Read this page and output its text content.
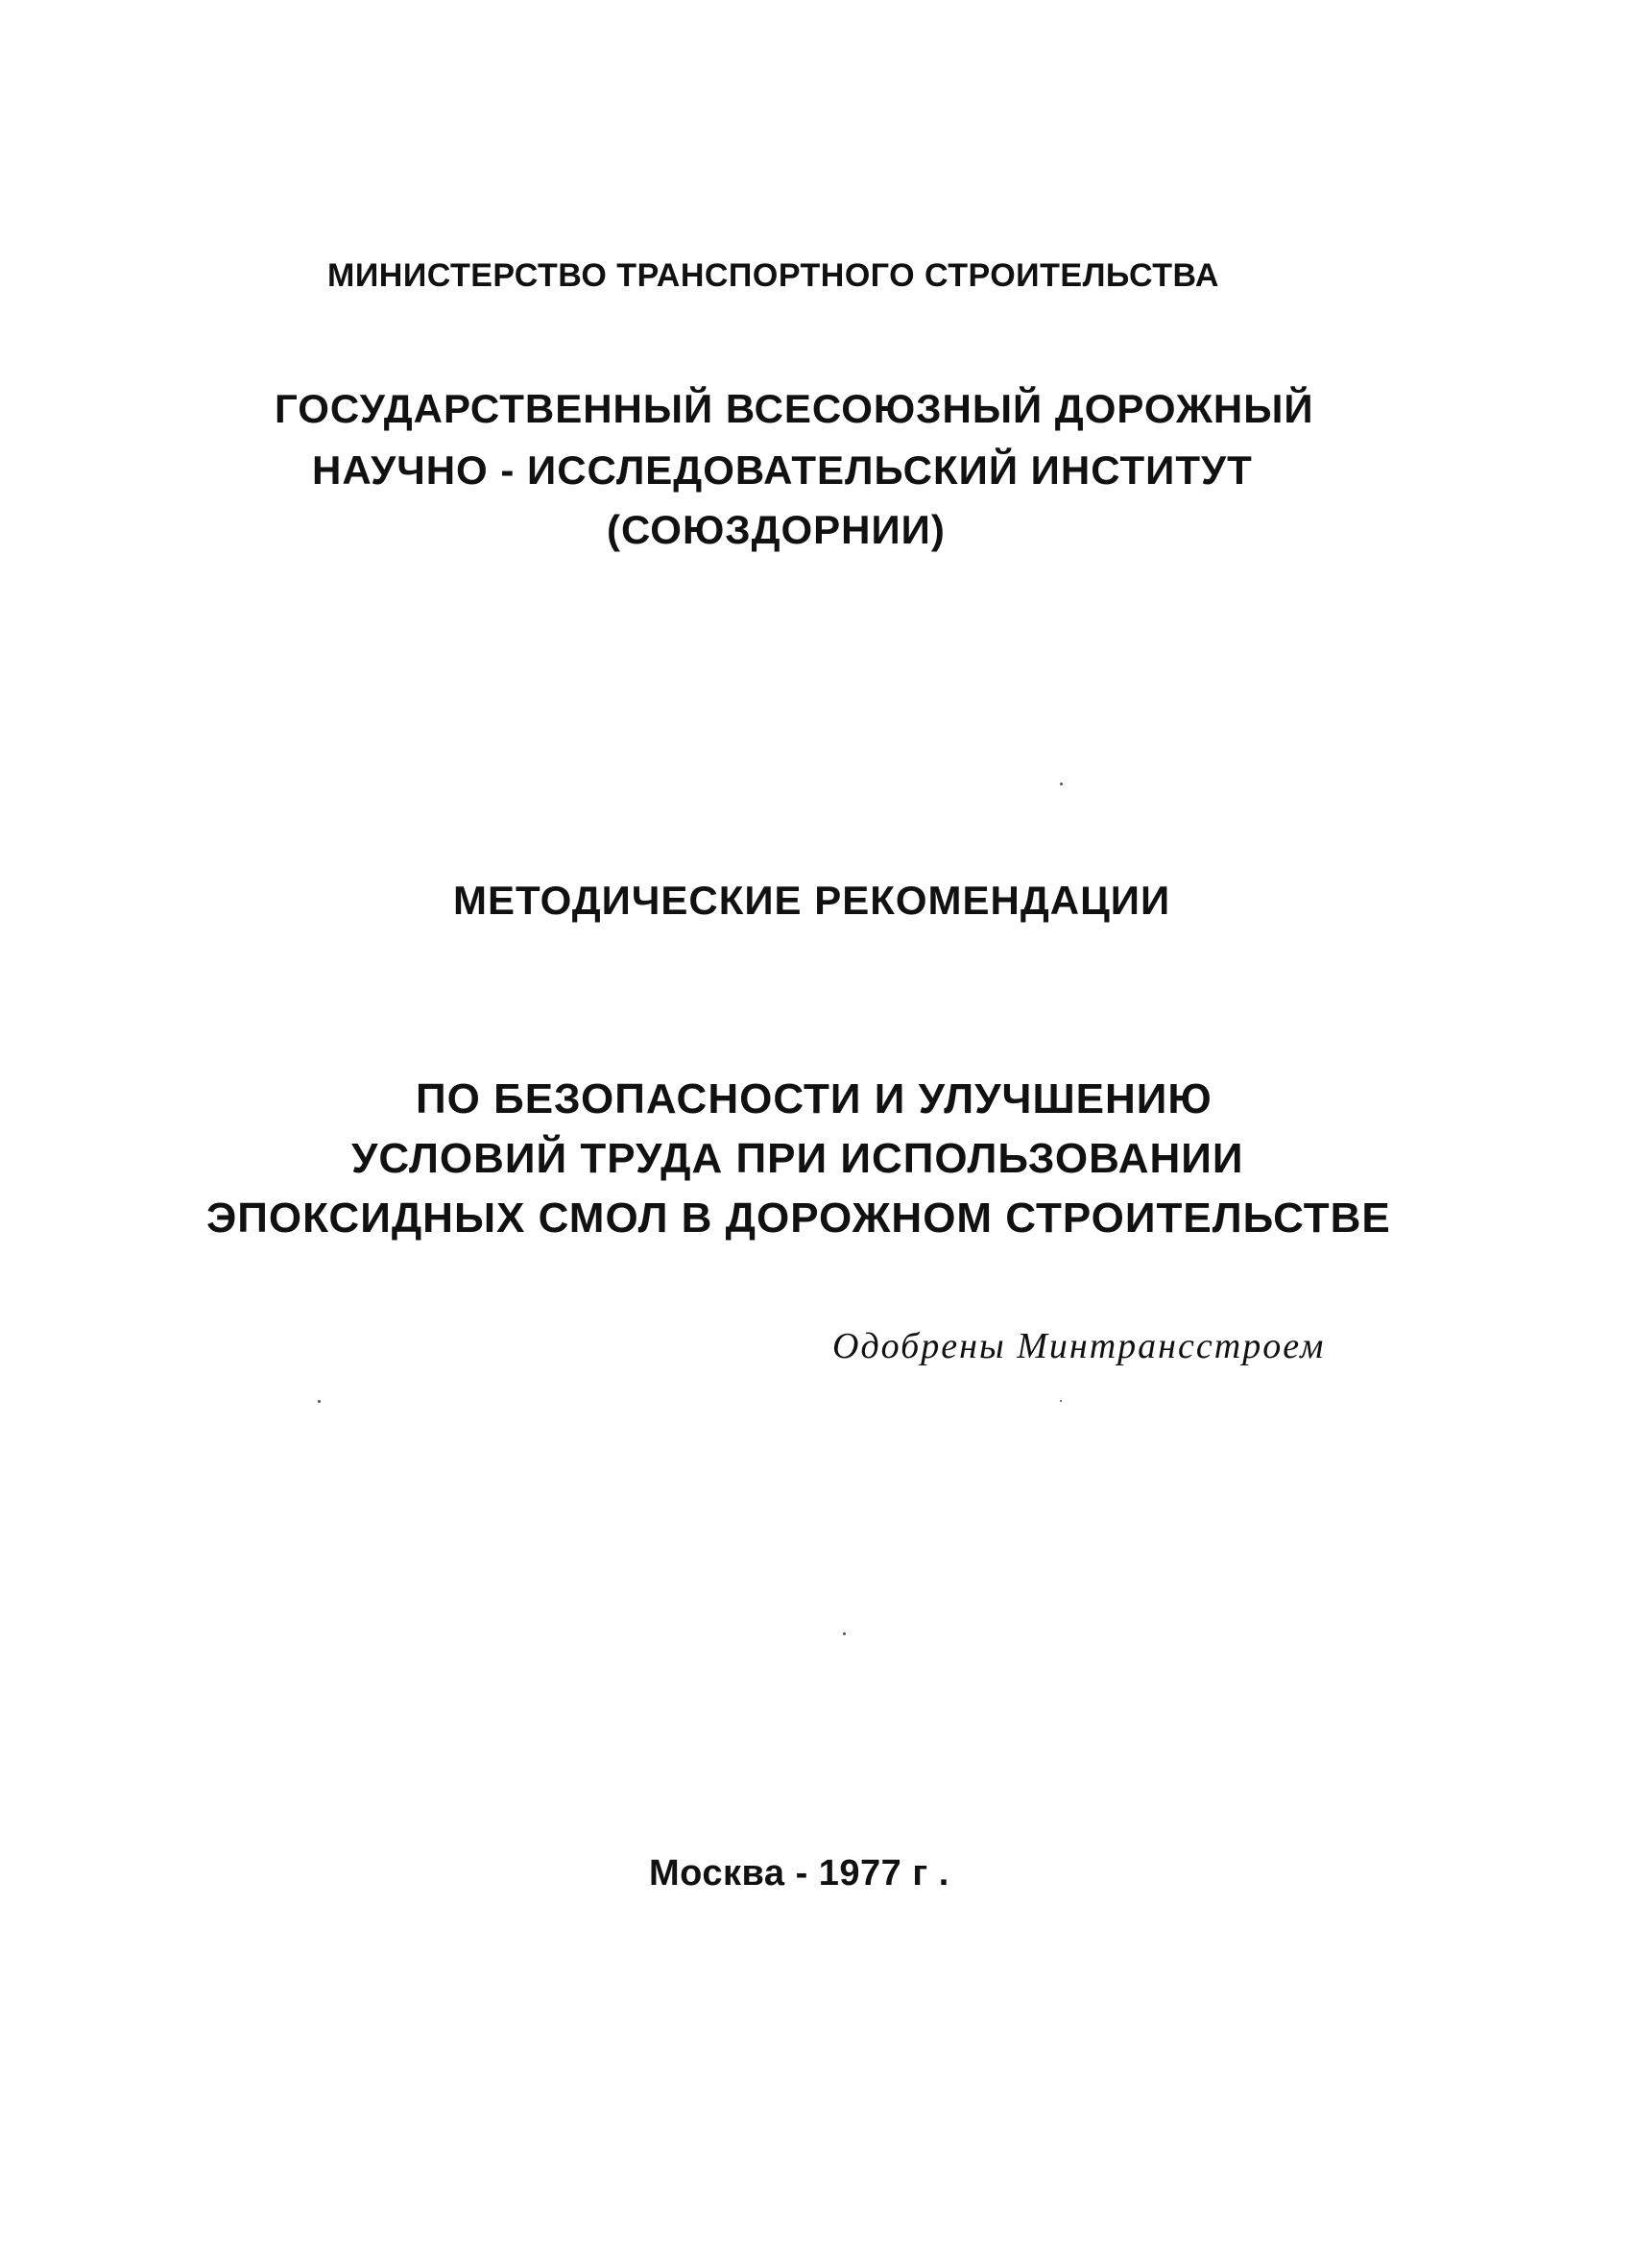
МИНИСТЕРСТВО ТРАНСПОРТНОГО СТРОИТЕЛЬСТВА
ГОСУДАРСТВЕННЫЙ ВСЕСОЮЗНЫЙ ДОРОЖНЫЙ
НАУЧНО - ИССЛЕДОВАТЕЛЬСКИЙ ИНСТИТУТ
(СОЮЗДОРНИИ)
МЕТОДИЧЕСКИЕ РЕКОМЕНДАЦИИ
ПО БЕЗОПАСНОСТИ И УЛУЧШЕНИЮ
УСЛОВИЙ ТРУДА ПРИ ИСПОЛЬЗОВАНИИ
ЭПОКСИДНЫХ СМОЛ В ДОРОЖНОМ СТРОИТЕЛЬСТВЕ
Одобрены Минтрансстроем
Москва - 1977 г .
